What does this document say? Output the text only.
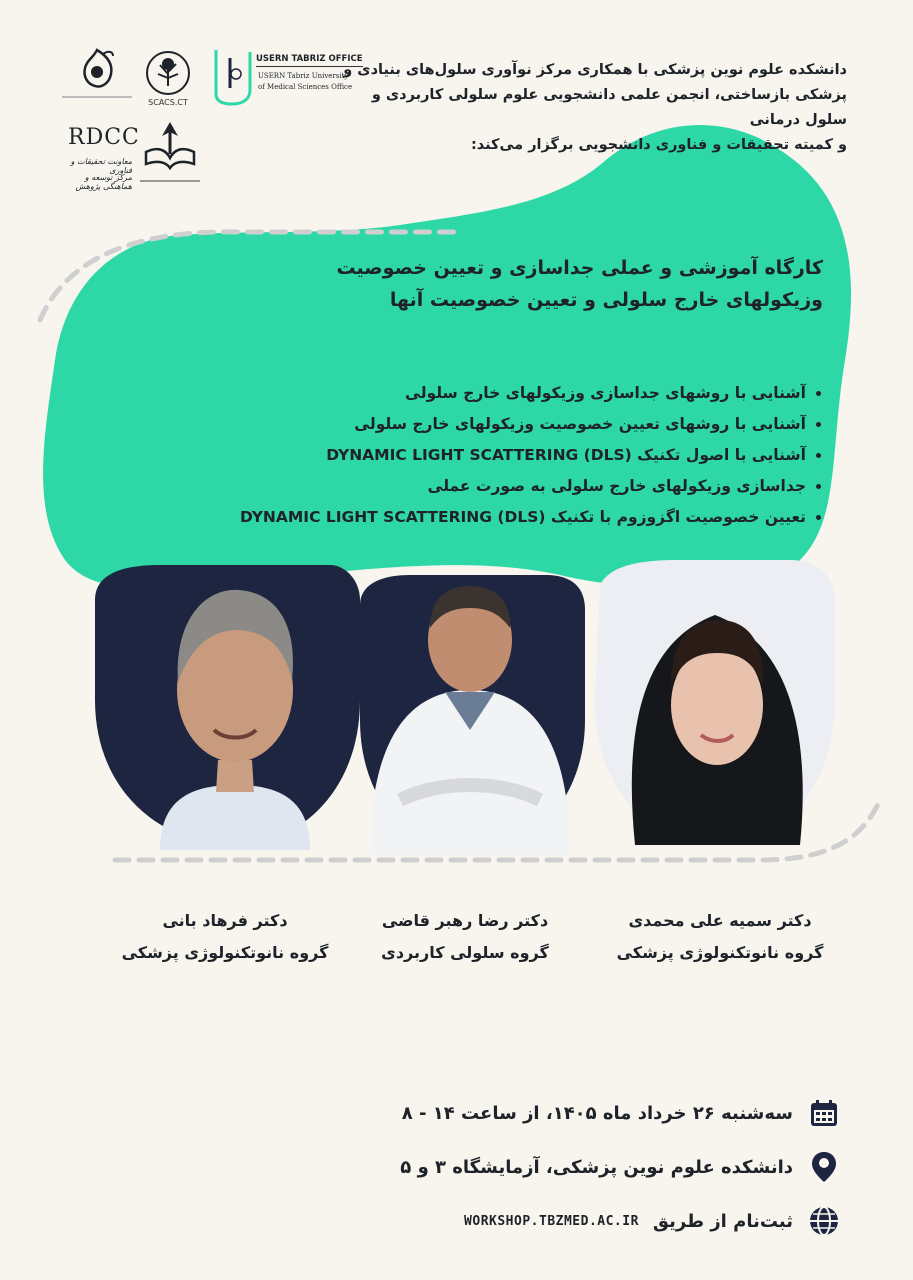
USERN TABRIZ OFFICE
USERN Tabriz University
of Medical Sciences Office
SCACS.CT
RDCC
معاونت تحقیقات و فناوری
مرکز توسعه و هماهنگی پژوهش
دانشکده علوم نوین پزشکی با همکاری مرکز نوآوری سلول‌های بنیادی و
پزشکی بازساختی، انجمن علمی دانشجویی علوم سلولی کاربردی و سلول درمانی
و کمیته تحقیقات و فناوری دانشجویی برگزار می‌کند:
کارگاه آموزشی و عملی جداسازی و تعیین خصوصیت
وزیکولهای خارج سلولی و تعیین خصوصیت آنها
آشنایی با روشهای جداسازی وزیکولهای خارج سلولی
آشنایی با روشهای تعیین خصوصیت وزیکولهای خارج سلولی
آشنایی با اصول تکنیک (DYNAMIC LIGHT SCATTERING (DLS
جداسازی وزیکولهای خارج سلولی به صورت عملی
تعیین خصوصیت اگزوزوم با تکنیک (DYNAMIC LIGHT SCATTERING (DLS
دکتر فرهاد بانی
گروه نانوتکنولوژی پزشکی
دکتر رضا رهبر قاضی
گروه سلولی کاربردی
دکتر سمیه علی محمدی
گروه نانوتکنولوژی پزشکی
سه‌شنبه ۲۶ خرداد ماه ۱۴۰۵، از ساعت ۱۴ - ۸
دانشکده علوم نوین پزشکی، آزمایشگاه ۳ و ۵
ثبت‌نام از طریق
WORKSHOP.TBZMED.AC.IR
